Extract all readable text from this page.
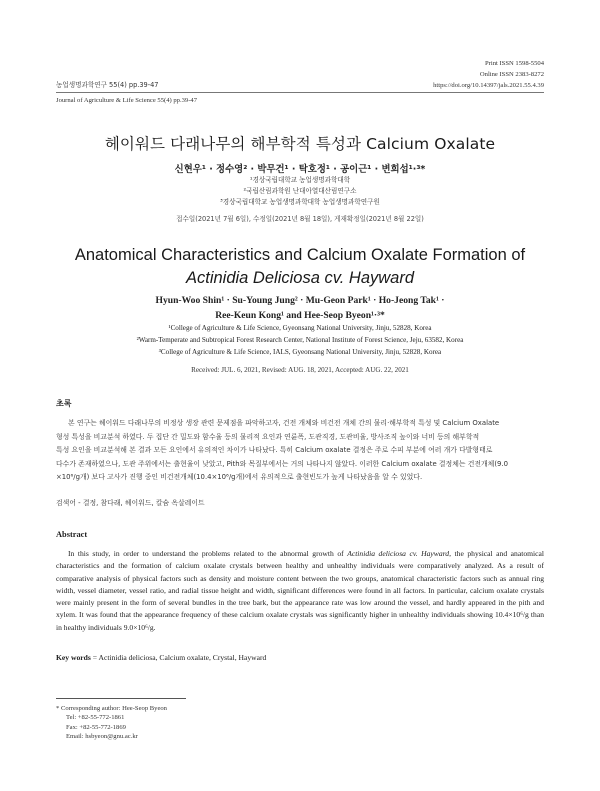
Print ISSN 1598-5504
Online ISSN 2383-8272
농업생명과학연구 55(4) pp.39-47	https://doi.org/10.14397/jals.2021.55.4.39
Journal of Agriculture & Life Science 55(4) pp.39-47
헤이워드 다래나무의 해부학적 특성과 Calcium Oxalate
신현우¹ · 정수영² · 박무건¹ · 탁호정¹ · 공이근¹ · 변희섭¹·³*
¹경상국립대학교 농업생명과학대학
²국립산림과학원 난대아열대산림연구소
³경상국립대학교 농업생명과학대학 농업생명과학연구원
접수일(2021년 7월 6일), 수정일(2021년 8월 18일), 게재확정일(2021년 8월 22일)
Anatomical Characteristics and Calcium Oxalate Formation of
Actinidia Deliciosa cv. Hayward
Hyun-Woo Shin¹ · Su-Young Jung² · Mu-Geon Park¹ · Ho-Jeong Tak¹ ·
Ree-Keun Kong¹ and Hee-Seop Byeon¹·³*
¹College of Agriculture & Life Science, Gyeonsang National University, Jinju, 52828, Korea
²Warm-Temperate and Subtropical Forest Research Center, National Institute of Forest Science, Jeju, 63582, Korea
³College of Agriculture & Life Science, IALS, Gyeonsang National University, Jinju, 52828, Korea
Received: JUL. 6, 2021, Revised: AUG. 18, 2021, Accepted: AUG. 22, 2021
초록
본 연구는 헤이워드 다래나무의 비정상 생장 관련 문제점을 파악하고자, 건전 개체와 비건전 개체 간의 물리·해부학적 특성 및 Calcium Oxalate
형성 특성을 비교분석 하였다. 두 집단 간 밀도와 함수율 등의 물리적 요인과 연륜폭, 도관직경, 도관비율, 방사조직 높이와 너비 등의 해부학적
특성 요인을 비교분석해 본 결과 모든 요인에서 유의적인 차이가 나타났다. 특히 Calcium oxalate 결정은 주로 수피 부분에 여러 개가 다발형태로
다수가 존재하였으나, 도관 주위에서는 출현율이 낮았고, Pith와 목질부에서는 거의 나타나지 않았다. 이러한 Calcium oxalate 결정체는 건전개체(9.0
×10⁶/g개) 보다 고사가 진행 중인 비건전개체(10.4×10⁶/g개)에서 유의적으로 출현빈도가 높게 나타났음을 알 수 있었다.
검색어 - 결정, 참다래, 헤이워드, 칼슘 옥살레이트
Abstract

In this study, in order to understand the problems related to the abnormal growth of Actinidia deliciosa cv. Hayward, the physical and anatomical characteristics and the formation of calcium oxalate crystals between healthy and unhealthy individuals were comparatively analyzed. As a result of comparative analysis of physical factors such as density and moisture content between the two groups, anatomical characteristic factors such as annual ring width, vessel diameter, vessel ratio, and radial tissue height and width, significant differences were found in all factors. In particular, calcium oxalate crystals were mainly present in the form of several bundles in the tree bark, but the appearance rate was low around the vessel, and hardly appeared in the pith and xylem. It was found that the appearance frequency of these calcium oxalate crystals was significantly higher in unhealthy individuals showing 10.4×10⁶/g than in healthy individuals 9.0×10⁶/g.

Key words = Actinidia deliciosa, Calcium oxalate, Crystal, Hayward
* Corresponding author: Hee-Seop Byeon
Tel: +82-55-772-1861
Fax: +82-55-772-1869
Email: hsbyeon@gnu.ac.kr
